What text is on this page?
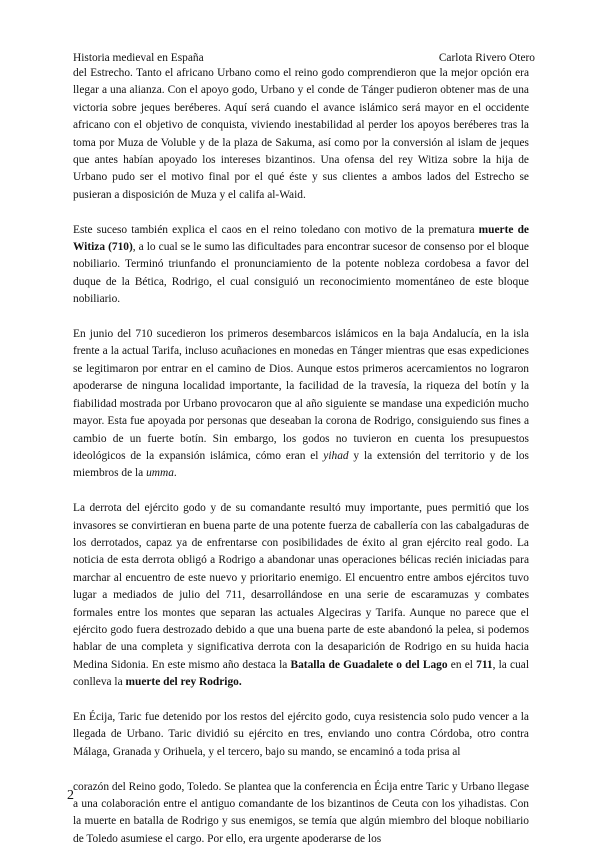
Historia medieval en España	Carlota Rivero Otero

del Estrecho. Tanto el africano Urbano como el reino godo comprendieron que la mejor opción era llegar a una alianza. Con el apoyo godo, Urbano y el conde de Tánger pudieron obtener mas de una victoria sobre jeques beréberes. Aquí será cuando el avance islámico será mayor en el occidente africano con el objetivo de conquista, viviendo inestabilidad al perder los apoyos beréberes tras la toma por Muza de Voluble y de la plaza de Sakuma, así como por la conversión al islam de jeques que antes habían apoyado los intereses bizantinos. Una ofensa del rey Witiza sobre la hija de Urbano pudo ser el motivo final por el qué éste y sus clientes a ambos lados del Estrecho se pusieran a disposición de Muza y el califa al-Waid.

Este suceso también explica el caos en el reino toledano con motivo de la prematura muerte de Witiza (710), a lo cual se le sumo las dificultades para encontrar sucesor de consenso por el bloque nobiliario. Terminó triunfando el pronunciamiento de la potente nobleza cordobesa a favor del duque de la Bética, Rodrigo, el cual consiguió un reconocimiento momentáneo de este bloque nobiliario.

En junio del 710 sucedieron los primeros desembarcos islámicos en la baja Andalucía, en la isla frente a la actual Tarifa, incluso acuñaciones en monedas en Tánger mientras que esas expediciones se legitimaron por entrar en el camino de Dios. Aunque estos primeros acercamientos no lograron apoderarse de ninguna localidad importante, la facilidad de la travesía, la riqueza del botín y la fiabilidad mostrada por Urbano provocaron que al año siguiente se mandase una expedición mucho mayor. Esta fue apoyada por personas que deseaban la corona de Rodrigo, consiguiendo sus fines a cambio de un fuerte botín. Sin embargo, los godos no tuvieron en cuenta los presupuestos ideológicos de la expansión islámica, cómo eran el yihad y la extensión del territorio y de los miembros de la umma.

La derrota del ejército godo y de su comandante resultó muy importante, pues permitió que los invasores se convirtieran en buena parte de una potente fuerza de caballería con las cabalgaduras de los derrotados, capaz ya de enfrentarse con posibilidades de éxito al gran ejército real godo. La noticia de esta derrota obligó a Rodrigo a abandonar unas operaciones bélicas recién iniciadas para marchar al encuentro de este nuevo y prioritario enemigo. El encuentro entre ambos ejércitos tuvo lugar a mediados de julio del 711, desarrollándose en una serie de escaramuzas y combates formales entre los montes que separan las actuales Algeciras y Tarifa. Aunque no parece que el ejército godo fuera destrozado debido a que una buena parte de este abandonó la pelea, si podemos hablar de una completa y significativa derrota con la desaparición de Rodrigo en su huida hacia Medina Sidonia. En este mismo año destaca la Batalla de Guadalete o del Lago en el 711, la cual conlleva la muerte del rey Rodrigo.

En Écija, Taric fue detenido por los restos del ejército godo, cuya resistencia solo pudo vencer a la llegada de Urbano. Taric dividió su ejército en tres, enviando uno contra Córdoba, otro contra Málaga, Granada y Orihuela, y el tercero, bajo su mando, se encaminó a toda prisa al

corazón del Reino godo, Toledo. Se plantea que la conferencia en Écija entre Taric y Urbano llegase a una colaboración entre el antiguo comandante de los bizantinos de Ceuta con los yihadistas. Con la muerte en batalla de Rodrigo y sus enemigos, se temía que algún miembro del bloque nobiliario de Toledo asumiese el cargo. Por ello, era urgente apoderarse de los

2
